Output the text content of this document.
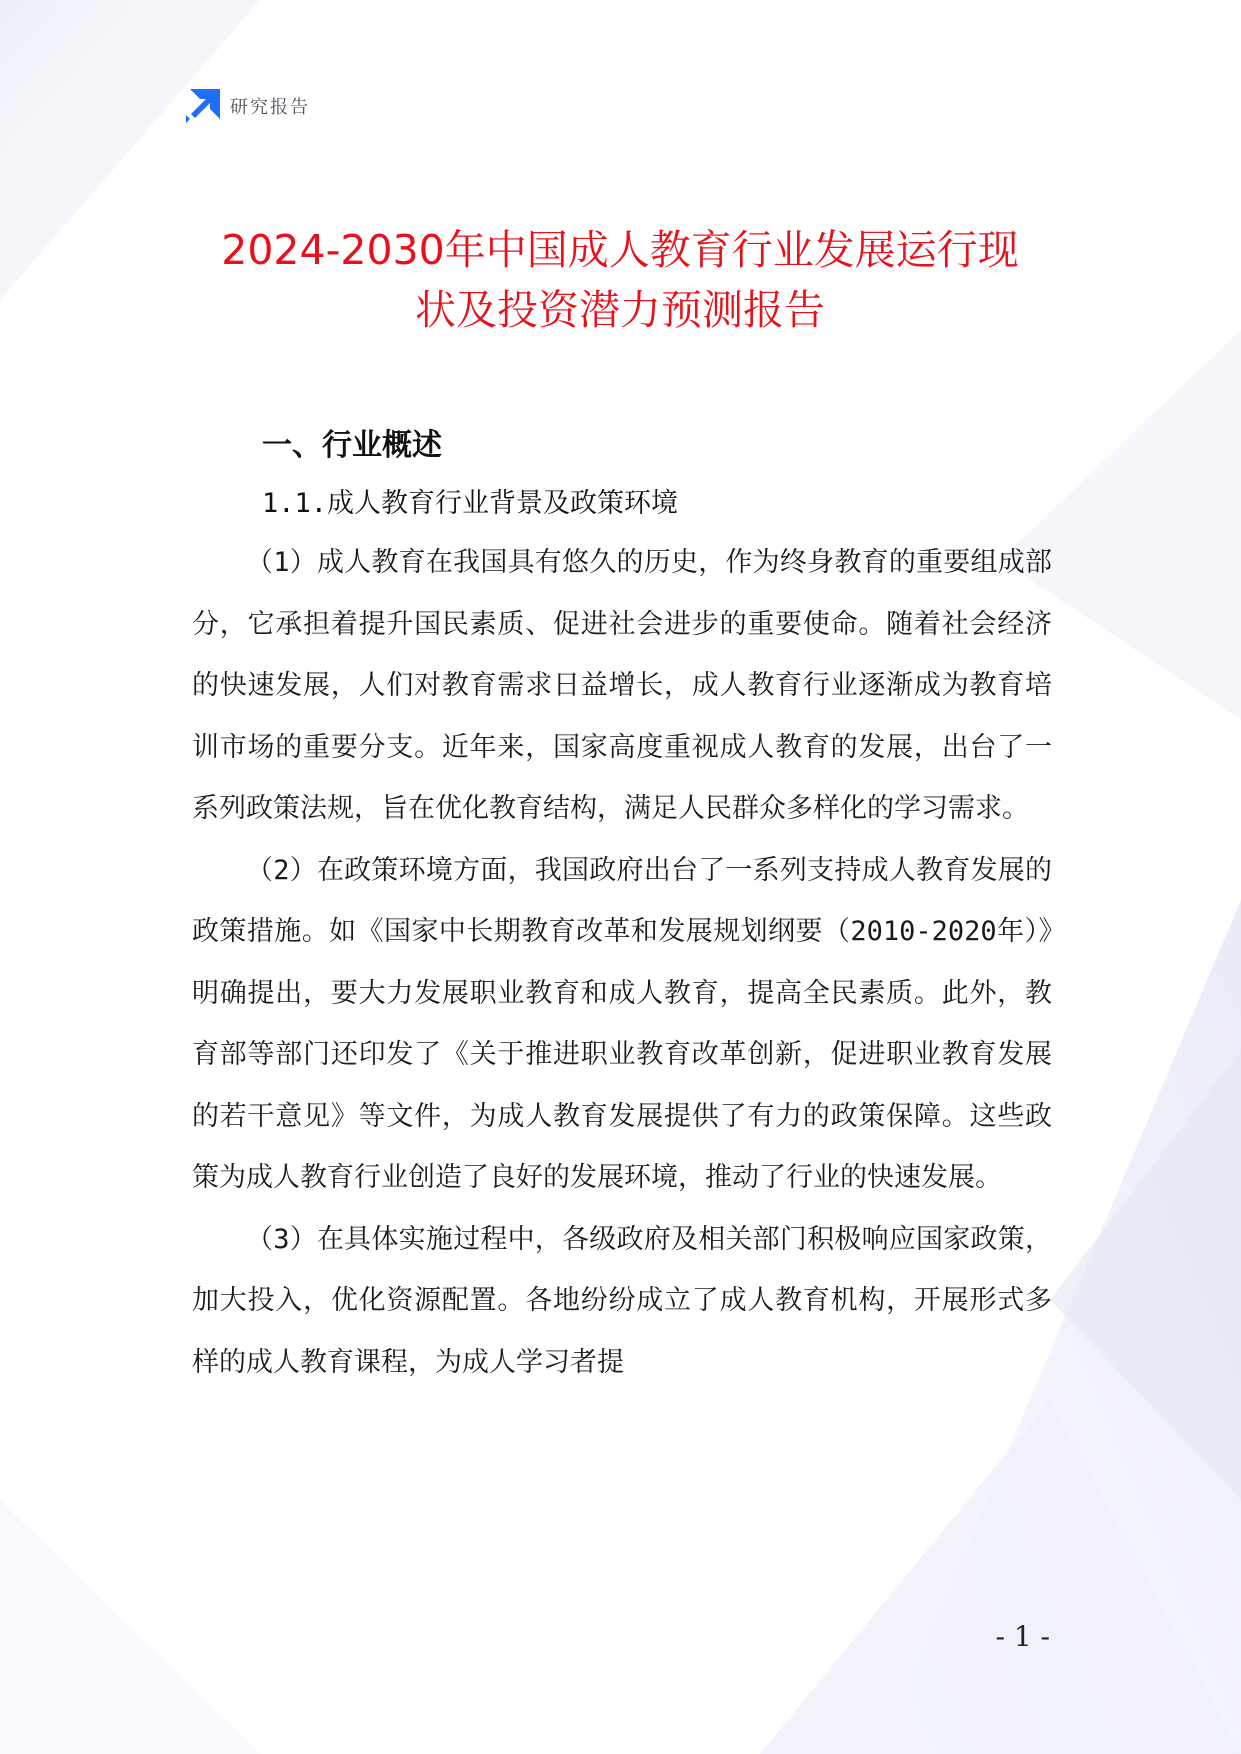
研究报告
2024-2030年中国成人教育行业发展运行现
状及投资潜力预测报告
一、行业概述
1.1.成人教育行业背景及政策环境

（1）成人教育在我国具有悠久的历史，作为终身教育的重要组成部分，它承担着提升国民素质、促进社会进步的重要使命。随着社会经济的快速发展，人们对教育需求日益增长，成人教育行业逐渐成为教育培训市场的重要分支。近年来，国家高度重视成人教育的发展，出台了一系列政策法规，旨在优化教育结构，满足人民群众多样化的学习需求。

（2）在政策环境方面，我国政府出台了一系列支持成人教育发展的政策措施。如《国家中长期教育改革和发展规划纲要（2010-2020年）》明确提出，要大力发展职业教育和成人教育，提高全民素质。此外，教育部等部门还印发了《关于推进职业教育改革创新，促进职业教育发展的若干意见》等文件，为成人教育发展提供了有力的政策保障。这些政策为成人教育行业创造了良好的发展环境，推动了行业的快速发展。

（3）在具体实施过程中，各级政府及相关部门积极响应国家政策，加大投入，优化资源配置。各地纷纷成立了成人教育机构，开展形式多样的成人教育课程，为成人学习者提

- 1 -
